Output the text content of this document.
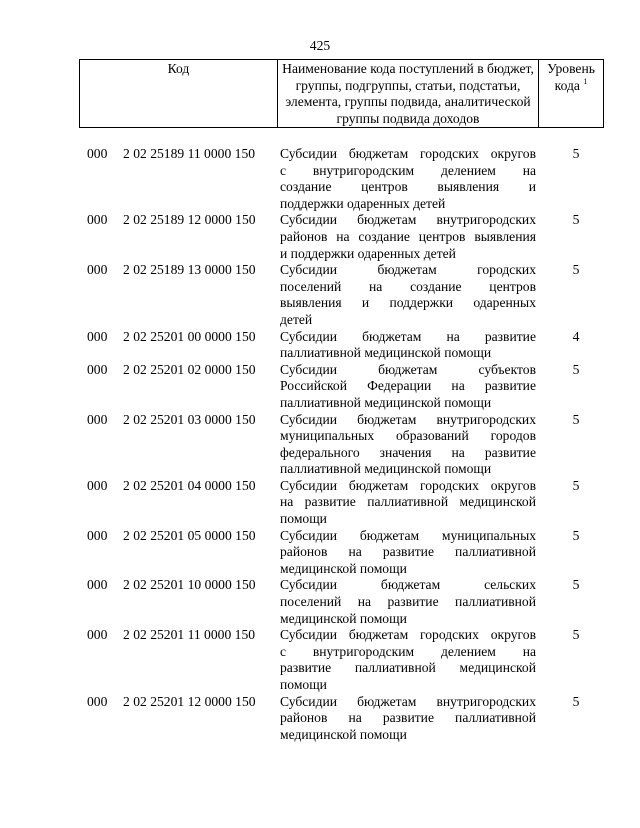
425
Код	Наименование кода поступлений в бюджет, группы, подгруппы, статьи, подстатьи, элемента, группы подвида, аналитической группы подвида доходов
Уровень
кода $^1$
000 2 02 25189 11 0000 150 Субсидии бюджетам городских округов
с внутригородским делением на
создание центров выявления и
поддержки одаренных детей
5
000 2 02 25189 12 0000 150 Субсидии бюджетам внутригородских
районов на создание центров выявления
и поддержки одаренных детей
5
000 2 02 25189 13 0000 150 Субсидии бюджетам городских
поселений на создание центров
выявления и поддержки одаренных
детей
5
000 2 02 25201 00 0000 150 Субсидии бюджетам на развитие
паллиативной медицинской помощи
4
000 2 02 25201 02 0000 150 Субсидии бюджетам субъектов
Российской Федерации на развитие
паллиативной медицинской помощи
5
000 2 02 25201 03 0000 150 Субсидии бюджетам внутригородских
муниципальных образований городов
федерального значения на развитие
паллиативной медицинской помощи
5
000 2 02 25201 04 0000 150 Субсидии бюджетам городских округов
на развитие паллиативной медицинской
помощи
5
000 2 02 25201 05 0000 150 Субсидии бюджетам муниципальных
районов на развитие паллиативной
медицинской помощи
5
000 2 02 25201 10 0000 150 Субсидии бюджетам сельских
поселений на развитие паллиативной
медицинской помощи
5
000 2 02 25201 11 0000 150 Субсидии бюджетам городских округов
с внутригородским делением на
развитие паллиативной медицинской
помощи
5
000 2 02 25201 12 0000 150 Субсидии бюджетам внутригородских
районов на развитие паллиативной
медицинской помощи
5
